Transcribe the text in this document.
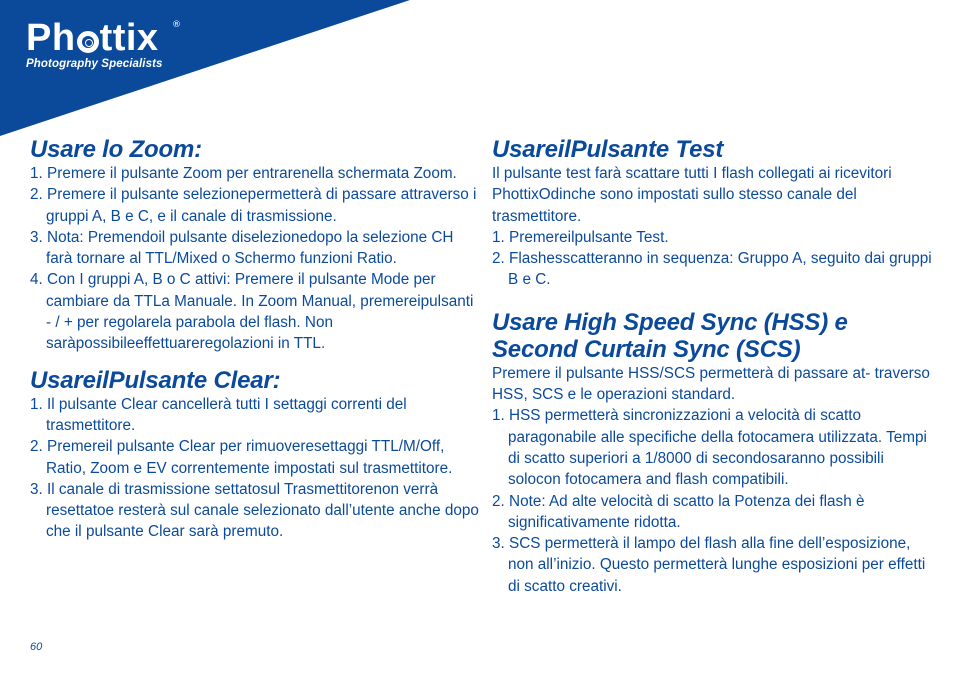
Ph ttix ®
Photography Specialists
Usare lo Zoom:
1. Premere il pulsante Zoom per entrarenella schermata Zoom.
2. Premere il pulsante selezionepermetterà di passare attraverso i gruppi A, B e C, e il canale di trasmissione.
3. Nota: Premendoil pulsante diselezionedopo la selezione CH farà tornare al TTL/Mixed o Schermo funzioni Ratio.
4. Con I gruppi A, B o C attivi: Premere il pulsante Mode per cambiare da TTLa Manuale. In Zoom Manual, premereipulsanti - / + per regolarela parabola del flash. Non saràpossibileeffettuareregolazioni in TTL.
UsareilPulsante Clear:
1. Il pulsante Clear cancellerà tutti I settaggi correnti del trasmettitore.
2. Premereil pulsante Clear per rimuoveresettaggi TTL/M/Off, Ratio, Zoom e EV correntemente impostati sul trasmettitore.
3. Il canale di trasmissione settatosul Trasmettitorenon verrà resettatoe resterà sul canale selezionato dall’utente anche dopo che il pulsante Clear sarà premuto.
UsareilPulsante Test

Il pulsante test farà scattare tutti I flash collegati ai ricevitori PhottixOdinche sono impostati sullo stesso canale del trasmettitore.

1. Premereilpulsante Test.
2. Flashesscatteranno in sequenza: Gruppo A, seguito dai gruppi B e C.
Usare High Speed Sync (HSS) e Second Curtain Sync (SCS)

Premere il pulsante HSS/SCS permetterà di passare at- traverso HSS, SCS e le operazioni standard.

1. HSS permetterà sincronizzazioni a velocità di scatto paragonabile alle specifiche della fotocamera utilizzata. Tempi di scatto superiori a 1/8000 di secondosaranno possibili solocon fotocamera and flash compatibili.
2. Note: Ad alte velocità di scatto la Potenza dei flash è significativamente ridotta.
3. SCS permetterà il lampo del flash alla fine dell’esposizione, non all’inizio. Questo permetterà lunghe esposizioni per effetti di scatto creativi.
60
